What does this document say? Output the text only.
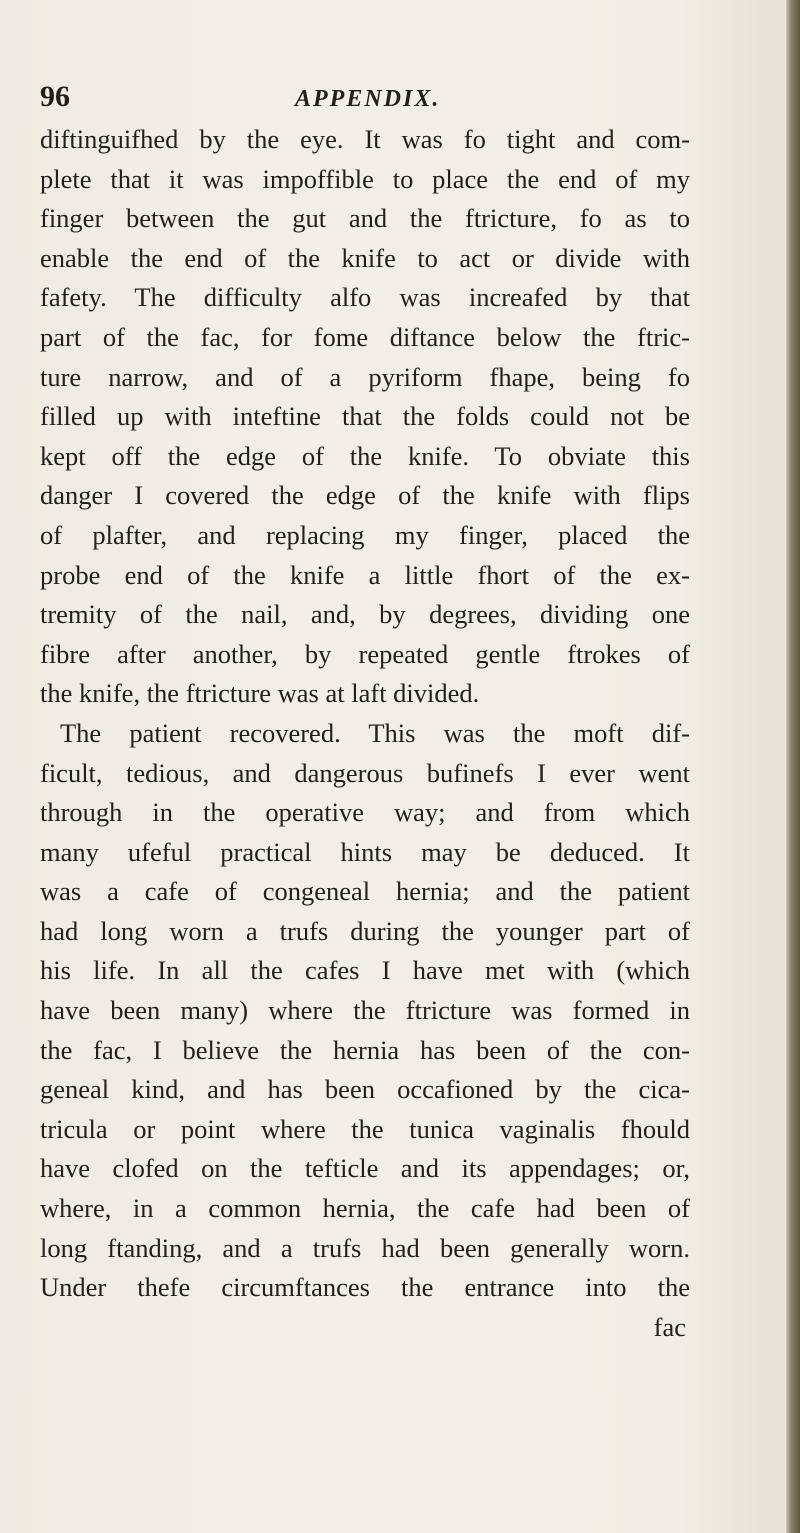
96	APPENDIX.
diftinguifhed by the eye. It was fo tight and com-
plete that it was impoffible to place the end of my
finger between the gut and the ftricture, fo as to
enable the end of the knife to act or divide with
fafety. The difficulty alfo was increafed by that
part of the fac, for fome diftance below the ftric-
ture narrow, and of a pyriform fhape, being fo
filled up with inteftine that the folds could not be
kept off the edge of the knife. To obviate this
danger I covered the edge of the knife with flips
of plafter, and replacing my finger, placed the
probe end of the knife a little fhort of the ex-
tremity of the nail, and, by degrees, dividing one
fibre after another, by repeated gentle ftrokes of
the knife, the ftricture was at laft divided.
The patient recovered. This was the moft dif-
ficult, tedious, and dangerous bufinefs I ever went
through in the operative way; and from which
many ufeful practical hints may be deduced. It
was a cafe of congeneal hernia; and the patient
had long worn a trufs during the younger part of
his life. In all the cafes I have met with (which
have been many) where the ftricture was formed in
the fac, I believe the hernia has been of the con-
geneal kind, and has been occafioned by the cica-
tricula or point where the tunica vaginalis fhould
have clofed on the tefticle and its appendages; or,
where, in a common hernia, the cafe had been of
long ftanding, and a trufs had been generally worn.
Under thefe circumftances the entrance into the
fac
